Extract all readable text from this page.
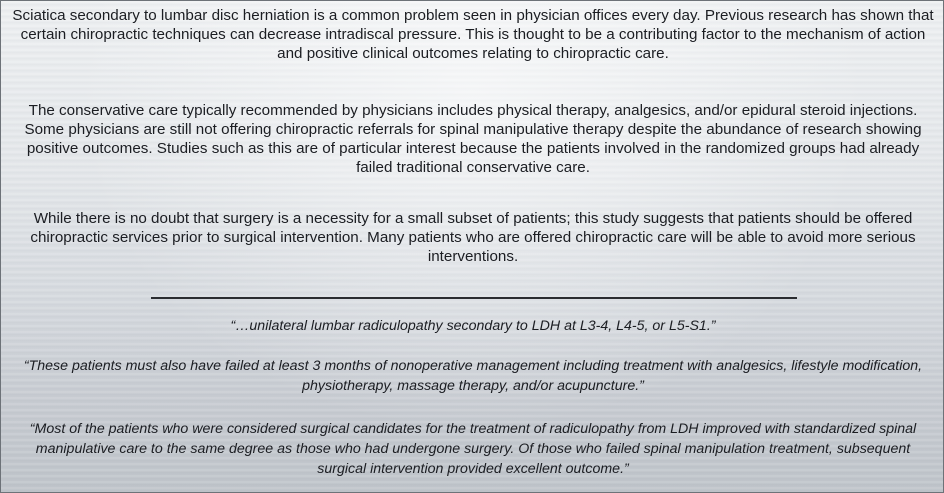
Sciatica secondary to lumbar disc herniation is a common problem seen in physician offices every day. Previous research has shown that certain chiropractic techniques can decrease intradiscal pressure. This is thought to be a contributing factor to the mechanism of action and positive clinical outcomes relating to chiropractic care.

The conservative care typically recommended by physicians includes physical therapy, analgesics, and/or epidural steroid injections. Some physicians are still not offering chiropractic referrals for spinal manipulative therapy despite the abundance of research showing positive outcomes. Studies such as this are of particular interest because the patients involved in the randomized groups had already failed traditional conservative care.

While there is no doubt that surgery is a necessity for a small subset of patients; this study suggests that patients should be offered chiropractic services prior to surgical intervention. Many patients who are offered chiropractic care will be able to avoid more serious interventions.

“…unilateral lumbar radiculopathy secondary to LDH at L3-4, L4-5, or L5-S1.”

“These patients must also have failed at least 3 months of nonoperative management including treatment with analgesics, lifestyle modification, physiotherapy, massage therapy, and/or acupuncture.”

“Most of the patients who were considered surgical candidates for the treatment of radiculopathy from LDH improved with standardized spinal manipulative care to the same degree as those who had undergone surgery. Of those who failed spinal manipulation treatment, subsequent surgical intervention provided excellent outcome.”
